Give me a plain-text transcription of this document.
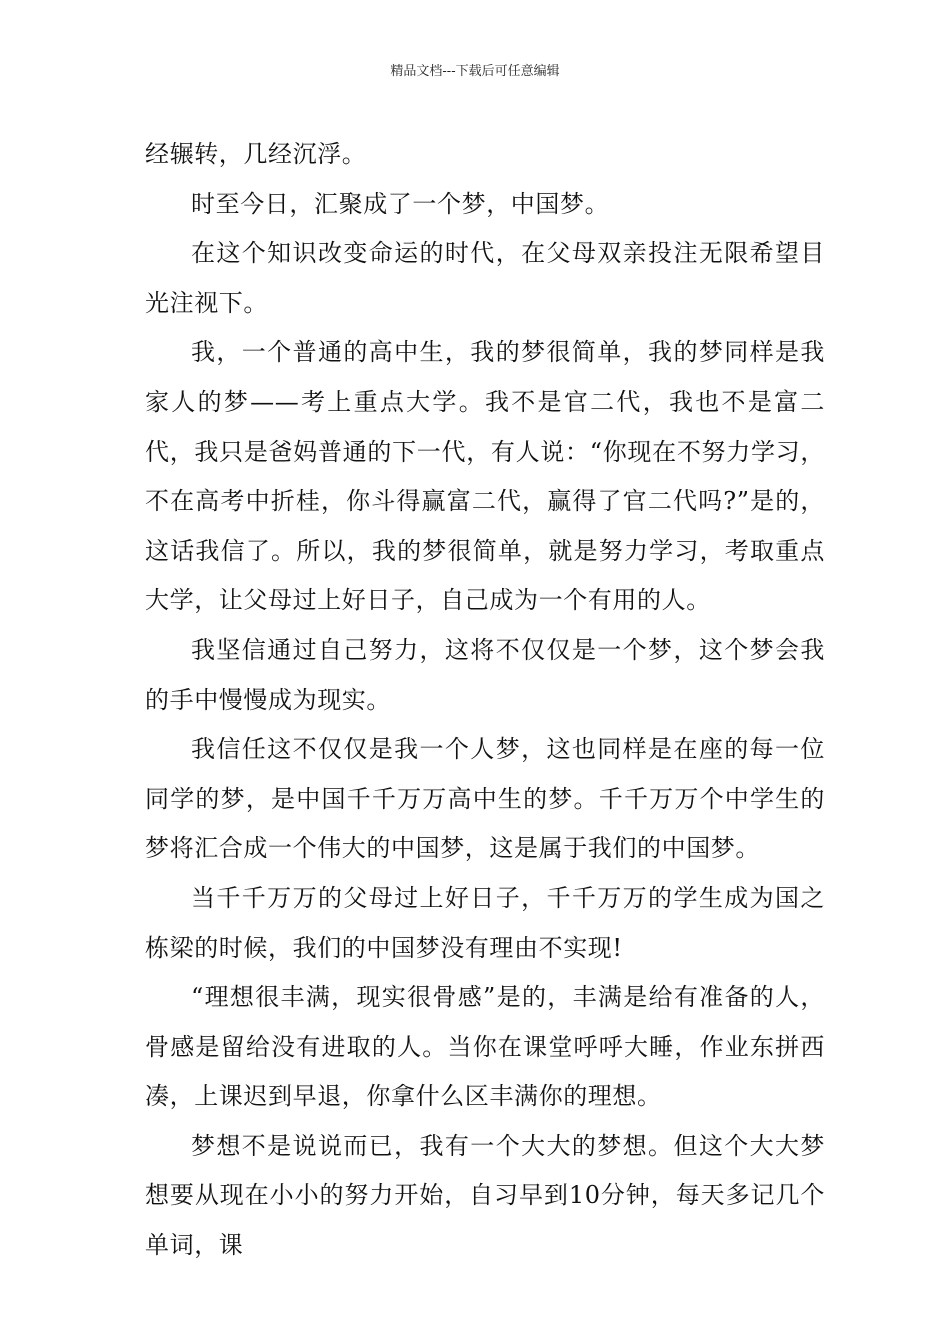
精品文档---下载后可任意编辑

经辗转，几经沉浮。

时至今日，汇聚成了一个梦，中国梦。

在这个知识改变命运的时代，在父母双亲投注无限希望目光注视下。

我，一个普通的高中生，我的梦很简单，我的梦同样是我家人的梦——考上重点大学。我不是官二代，我也不是富二代，我只是爸妈普通的下一代，有人说：“你现在不努力学习，不在高考中折桂，你斗得赢富二代，赢得了官二代吗?”是的，这话我信了。所以，我的梦很简单，就是努力学习，考取重点大学，让父母过上好日子，自己成为一个有用的人。

我坚信通过自己努力，这将不仅仅是一个梦，这个梦会我的手中慢慢成为现实。

我信任这不仅仅是我一个人梦，这也同样是在座的每一位同学的梦，是中国千千万万高中生的梦。千千万万个中学生的梦将汇合成一个伟大的中国梦，这是属于我们的中国梦。

当千千万万的父母过上好日子，千千万万的学生成为国之栋梁的时候，我们的中国梦没有理由不实现!

“理想很丰满，现实很骨感”是的，丰满是给有准备的人，骨感是留给没有进取的人。当你在课堂呼呼大睡，作业东拼西凑，上课迟到早退，你拿什么区丰满你的理想。

梦想不是说说而已，我有一个大大的梦想。但这个大大梦想要从现在小小的努力开始，自习早到10分钟，每天多记几个单词，课
